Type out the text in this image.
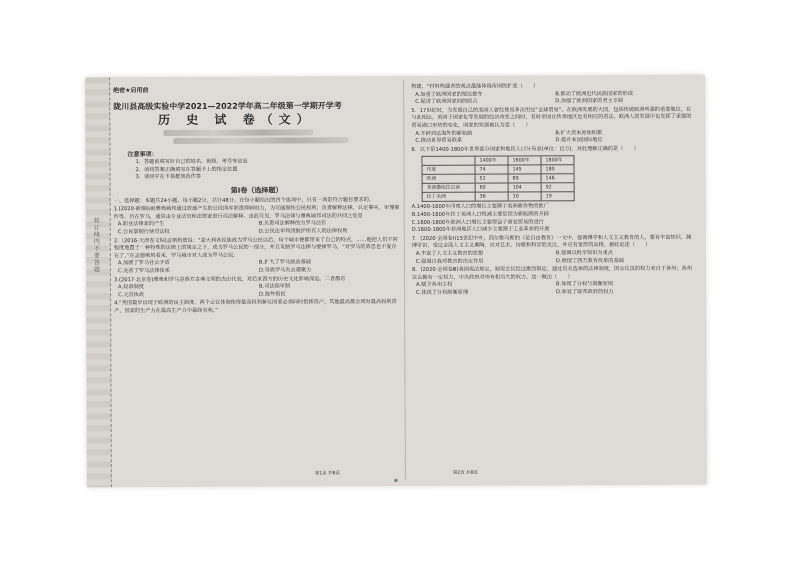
装订线内不要答题

绝密★启用前

陇川县高级实验中学2021—2022学年高二年级第一学期开学考

历 史 试 卷（文）

注意事项：

1．答题前填写好自己的姓名、班级、考号等信息

2．请将答案正确填写在答题卡上的指定位置

3．请同学在卡指框规范作答

第Ⅰ卷（选择题）

一、选择题：本题共24小题，每小题2分，共计48分。在每小题给出的四个选项中，只有一项是符合题目要求的。

1.(2020·新课标Ⅱ)雅典城邦通过放逐产生的公民国库职责抑制财力，为可能制伤公民权利；负责解释法律，认定事实，审理案件等。历在罗马，通常由专业法官和法律家进行司法解释。由此可见，罗马法律与雅典城邦司法的共同之处是

A.职业法律家的产生	B.负责司法解释的为罗马法官
C.公民掌握行使司法权	D.公民法审判团维护所有人的法律权利

2.（2016·天津卷文综)孟斯鸠曾说：“意大利各民族成为罗马公民以后，每个城市便都带来了自己的特点，……他把人们不同程度地置于一种特殊的法律上的规定之下，成为罗马公民的一部分，并且采纳罗马法律与要律罗马，“对罗马的效忠也不复存在了，”在孟德斯鸠看来，罗马城市对人成为罗马公民。

A.加剧了罗马社会矛盾	B.扩大了罗马统治基础
C.完善了罗马法律体系	D.导致罗马失去凝聚力

3.(2017·北京卷)雅典和罗马是西方古典文明的杰出代表，对后来西方的历史文化影响深远。二者都有

A.奴隶制度	B.司法陪审制
C.元首执政	D.海外殖民

4.“英国最早出现于欧洲的民主制度，两个会议体制使得最高权利参议国家必须同时指挥资产，其他最高都会同时最高权利资产，国家的生产力在最高生产力中最终有利，”

第1页 共8页

⊕

构建，“材料构建者的观点最能体现帝国的扩张（　　）

A.加重了欧洲国家的殖民掠夺	B.推动了欧洲近代民族国家的形成
C.促进了欧洲国家间的联合	D.加强了欧洲国家的君主专制

5．17世纪时，为发展自己的美国人曾经使用多次用过“全球贸易”。在欧洲发展的大国，包括传统欧洲列强的重要地位，在与此相比，英国于国家化等发展的经济改变之间时，有时帝国在传承地区也有相应的看法。欧洲人的发展中也发挥了重要的贸易港口形势的变化，国家的发展被认为是（　　）

A.开辟到达海外的新航路	B.扩大资本原始积累
C.推动世界贸易联系	D.提升本国国际地位

6．以下是1400-1800年世界部分国家和地区人口分布表(单位：百万)，对此理解正确的是（　　）

	1400年	1600年	1800年
印度	74	145	180
欧洲	52	89	146
非洲撒哈拉以南	60	104	92
拉丁美洲	36	10	19

A.1400-1600年印度人口的增长主要源于美洲新作物的推广

B.1400-1600年拉丁美洲人口锐减主要是因为新航路的开辟

C.1600-1800年欧洲人口增长主要得益于商业贸易的进行

D.1600-1800年非洲地区人口减少主要源于工业革命的开展

7．(2020·全国卷Ⅰ)15世纪中叶，西尔维乌斯的《论自由教育》一文中，强调博学和人文主义教育的人，要有丰富知识，渊博学识，受过全面人文主义熏陶，应对艺术、诗歌和科学的关注，并应有宽厚的品格，据此论述（　　）

A.丰富了人文主义教育的思想	B.强调以科学知识为重点
C.强调自我对教育的决定作用	D.展现了西方教育改革的基础

8．(2020·全国卷Ⅲ)美国宪法规定，制宪会议经过激烈辩论，通过有关选举的法律制度，国会议员的权力来自于各州；各州议会拥有一定权力，中央政府对州有相当大的权力，这一做法（　　）

A.赋予各州主权	B.体现了分权与制衡原则
C.体现了分权制衡原理	D.彰显了联邦政府的权力

第2页 共8页
